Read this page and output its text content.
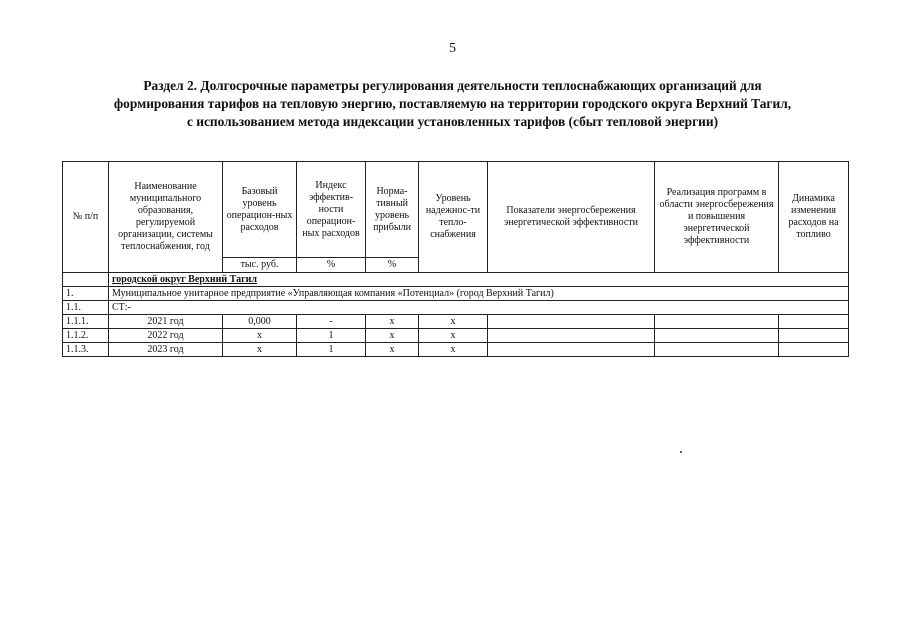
5
Раздел 2. Долгосрочные параметры регулирования деятельности теплоснабжающих организаций для
формирования тарифов на тепловую энергию, поставляемую на территории городского округа Верхний Тагил,
с использованием метода индексации установленных тарифов (сбыт тепловой энергии)
№ п/п	Наименование муниципального образования, регулируемой организации, системы теплоснабжения, год	Базовый уровень операцион-ных расходов	Индекс эффектив-ности операцион-ных расходов	Норма-тивный уровень прибыли	Уровень надежнос-ти тепло-снабжения	Показатели энергосбережения энергетической эффективности	Реализация программ в области энергосбережения и повышения энергетической эффективности	Динамика изменения расходов на топливо
		тыс. руб.	%	%				
	городской округ Верхний Тагил							
1.	Муниципальное унитарное предприятие «Управляющая компания «Потенциал» (город Верхний Тагил)							
1.1.	СТ:-							
1.1.1.	2021 год	0,000	-	х	х			
1.1.2.	2022 год	х	1	х	х			
1.1.3.	2023 год	х	1	х	х			
